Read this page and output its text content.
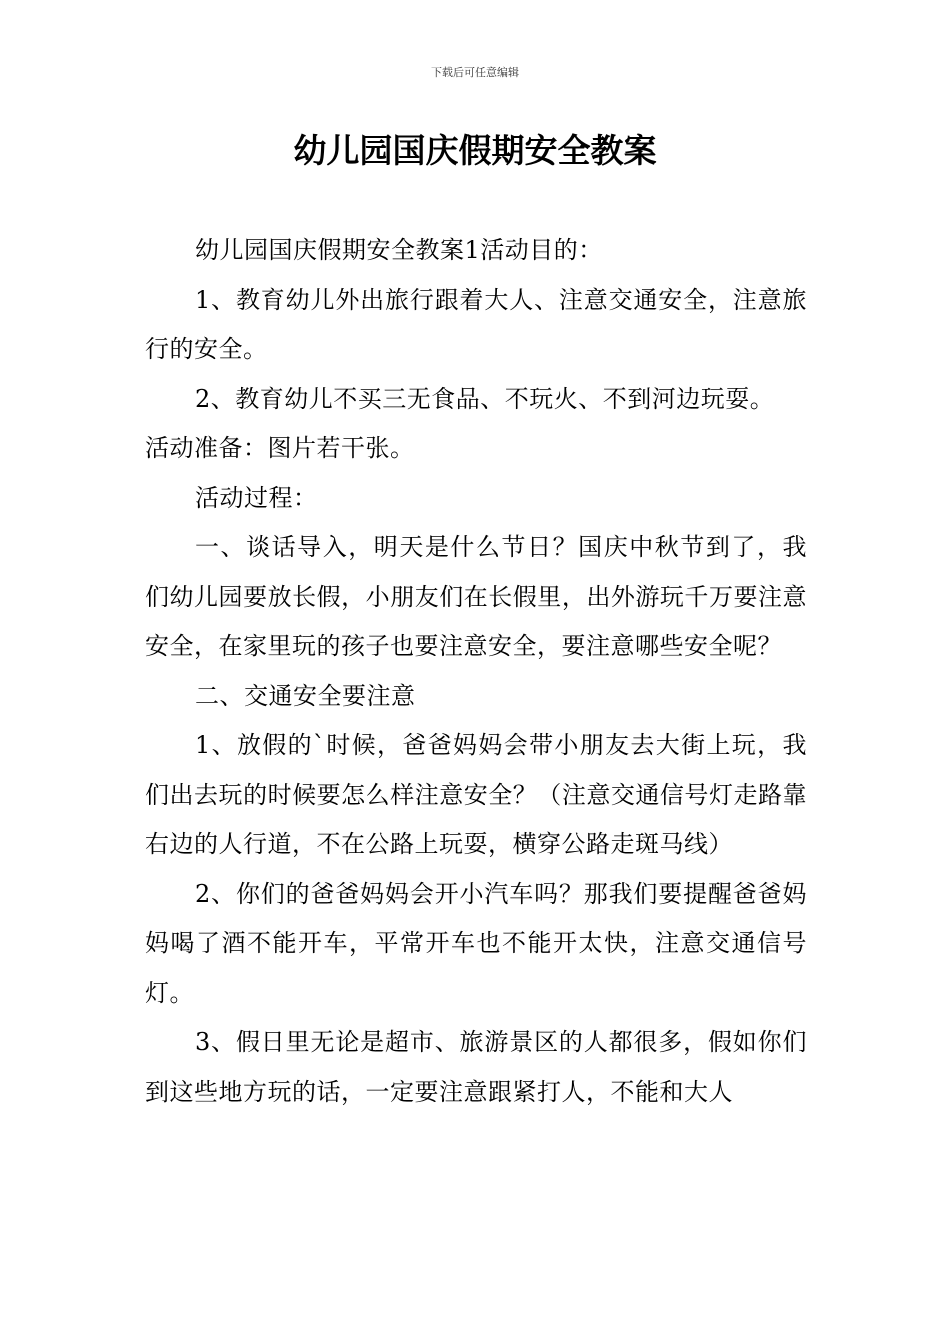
下载后可任意编辑
幼儿园国庆假期安全教案

幼儿园国庆假期安全教案1活动目的：

1、教育幼儿外出旅行跟着大人、注意交通安全，注意旅行的安全。

2、教育幼儿不买三无食品、不玩火、不到河边玩耍。

活动准备：图片若干张。

活动过程：

一、谈话导入，明天是什么节日？国庆中秋节到了，我们幼儿园要放长假，小朋友们在长假里，出外游玩千万要注意安全，在家里玩的孩子也要注意安全，要注意哪些安全呢？

二、交通安全要注意

1、放假的`时候，爸爸妈妈会带小朋友去大街上玩，我们出去玩的时候要怎么样注意安全？（注意交通信号灯走路靠右边的人行道，不在公路上玩耍，横穿公路走斑马线）

2、你们的爸爸妈妈会开小汽车吗？那我们要提醒爸爸妈妈喝了酒不能开车，平常开车也不能开太快，注意交通信号灯。

3、假日里无论是超市、旅游景区的人都很多，假如你们到这些地方玩的话，一定要注意跟紧打人，不能和大人
